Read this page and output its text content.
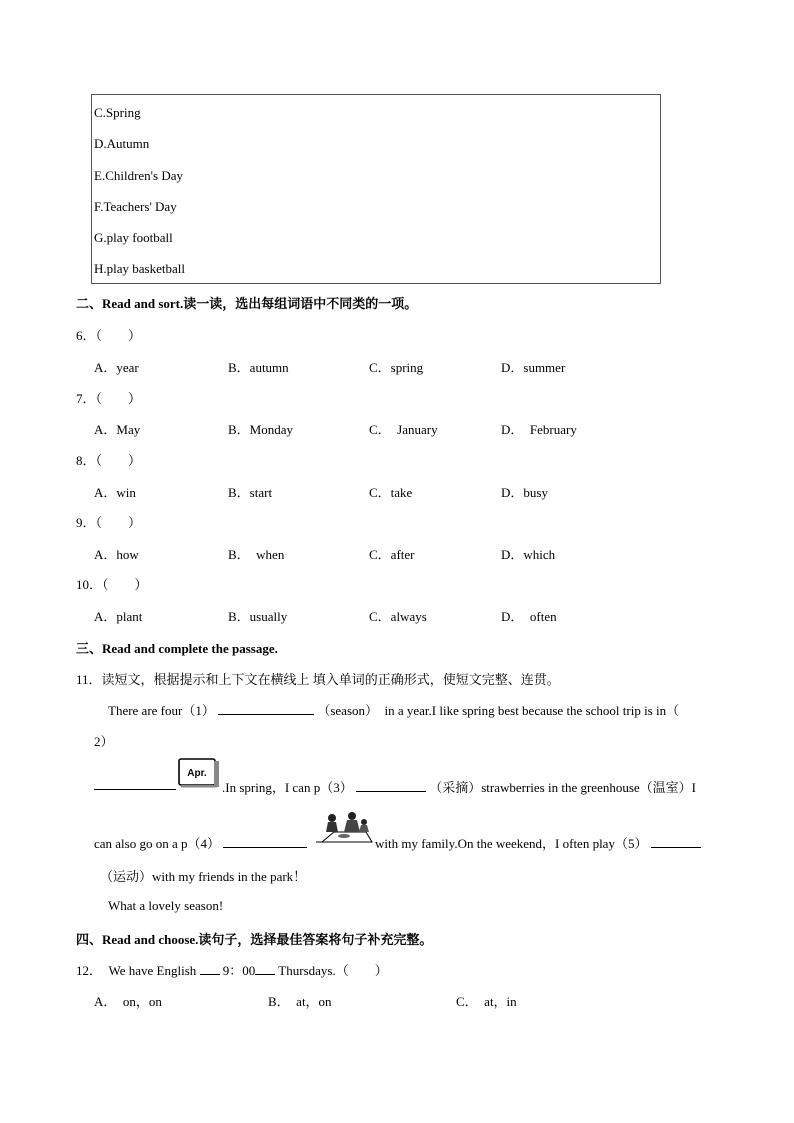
C.Spring
D.Autumn
E.Children's Day
F.Teachers' Day
G.play football
H.play basketball
二、Read and sort.读一读，选出每组词语中不同类的一项。
6．（　　）
A．year	B．autumn	C．spring	D．summer
7．（　　）
A．May	B．Monday	C．　January	D．　February
8．（　　）
A．win	B．start	C．take	D．busy
9．（　　）
A．how	B．　when	C．after	D．which
10．（　　）
A．plant	B．usually	C．always	D．　often
三、Read and complete the passage.
11．读短文，根据提示和上下文在横线上 填入单词的正确形式，使短文完整、连贯。
There are four（1）	（season）　in a year.I like spring best because the school trip is in（
2）
Apr.
.In spring，I can p（3）	（采摘）strawberries in the greenhouse（温室）I
can also go on a p（4）	with my family.On the weekend，I often play（5）
（运动）with my friends in the park！
What a lovely season!
四、Read and choose.读句子，选择最佳答案将句子补充完整。
12．　We have English 9：00 Thursdays.（　　）
A．　on，on	B．　at，on	C．　at，in
